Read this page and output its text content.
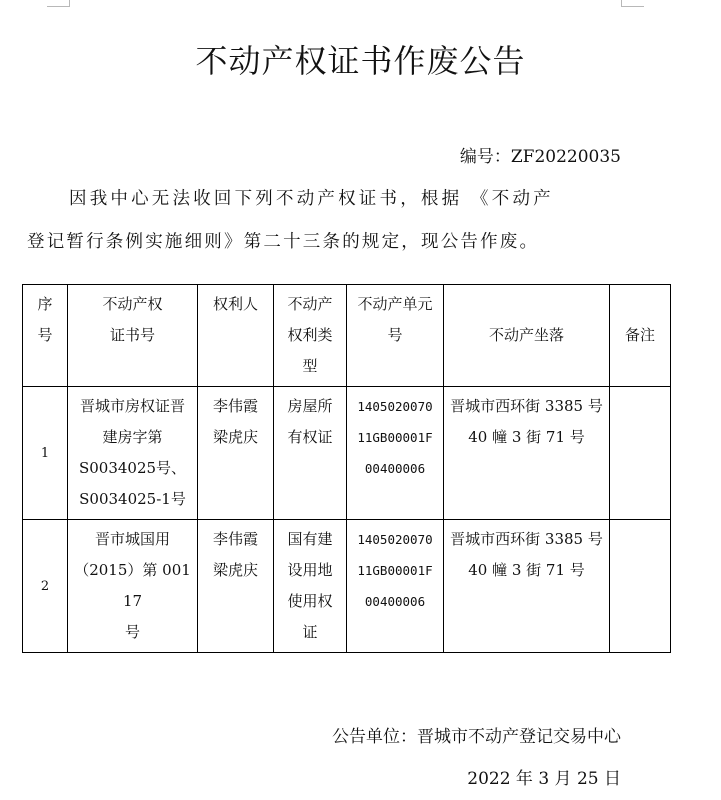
不动产权证书作废公告
编号：ZF20220035

因我中心无法收回下列不动产权证书，根据 《不动产
登记暂行条例实施细则》第二十三条的规定，现公告作废。

序
号	不动产权
证书号	权利人	不动产
权利类
型	不动产单元
号	不动产坐落	备注

1	晋城市房权证晋
建房字第
S0034025号、
S0034025-1号	李伟霞
梁虎庆	房屋所
有权证	1405020070
11GB00001F
00400006	晋城市西环街 3385 号
40 幢 3 街 71 号	

2	晋市城国用
（2015）第 00117
号	李伟霞
梁虎庆	国有建
设用地
使用权
证	1405020070
11GB00001F
00400006	晋城市西环街 3385 号
40 幢 3 街 71 号	

公告单位：晋城市不动产登记交易中心
2022 年 3 月 25 日
